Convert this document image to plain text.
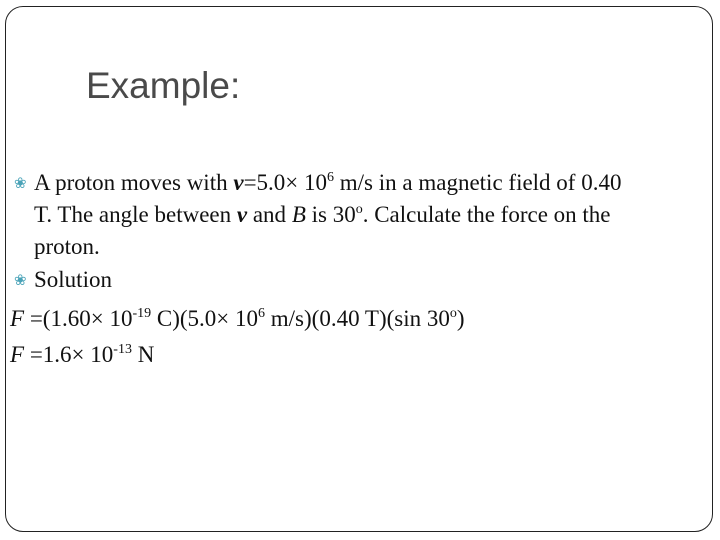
Example:
❀ A proton moves with $v=5.0\times 10^6$ m/s in a magnetic field of 0.40
T. The angle between v and B is 30$^o$. Calculate the force on the
proton.
❀ Solution
$F =(1.60\times 10^{-19}$ $C)(5.0\times 10^6$ m/s)(0.40 T)(sin 30$^o$)
$F =1.6\times 10^{-13}$ N
